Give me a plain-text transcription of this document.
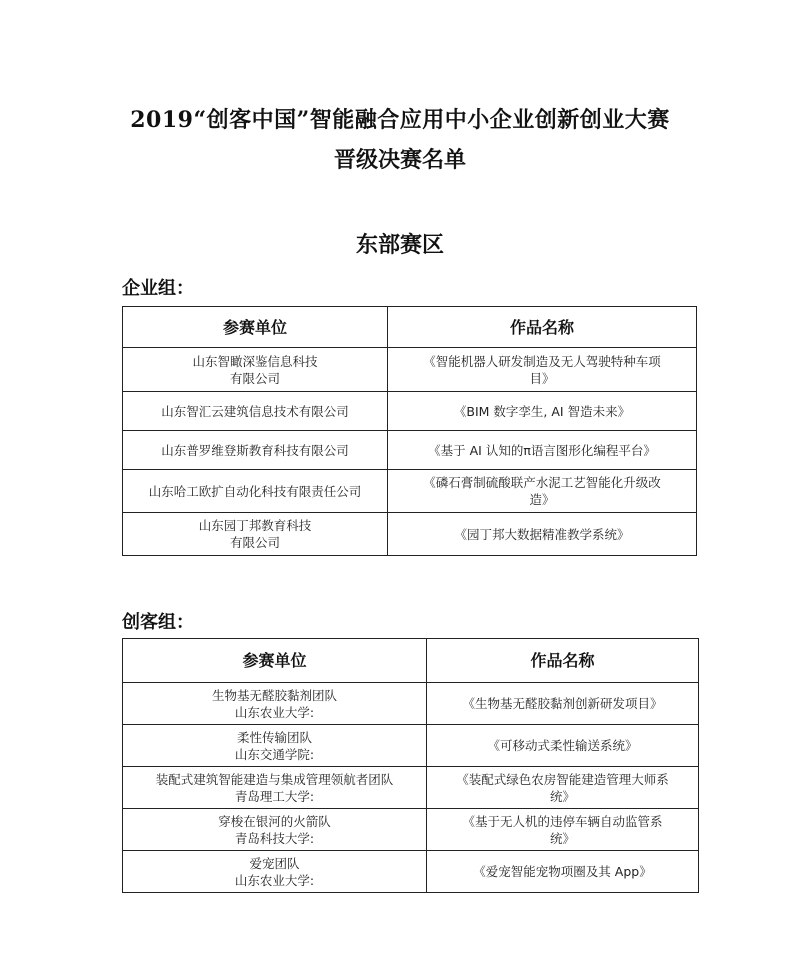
2019“创客中国”智能融合应用中小企业创新创业大赛
晋级决赛名单
东部赛区
企业组：
参赛单位	作品名称

山东智瞰深鉴信息科技
有限公司	《智能机器人研发制造及无人驾驶特种车项
目》

山东智汇云建筑信息技术有限公司	《BIM 数字孪生, AI 智造未来》

山东普罗维登斯教育科技有限公司	《基于 AI 认知的π语言图形化编程平台》

山东哈工欧扩自动化科技有限责任公司	《磷石膏制硫酸联产水泥工艺智能化升级改
造》

山东园丁邦教育科技
有限公司	《园丁邦大数据精准教学系统》
创客组：
参赛单位	作品名称

生物基无醛胶黏剂团队
山东农业大学:	《生物基无醛胶黏剂创新研发项目》

柔性传输团队
山东交通学院:	《可移动式柔性输送系统》

装配式建筑智能建造与集成管理领航者团队
青岛理工大学:	《装配式绿色农房智能建造管理大师系
统》

穿梭在银河的火箭队
青岛科技大学:	《基于无人机的违停车辆自动监管系
统》

爱宠团队
山东农业大学:	《爱宠智能宠物项圈及其 App》
